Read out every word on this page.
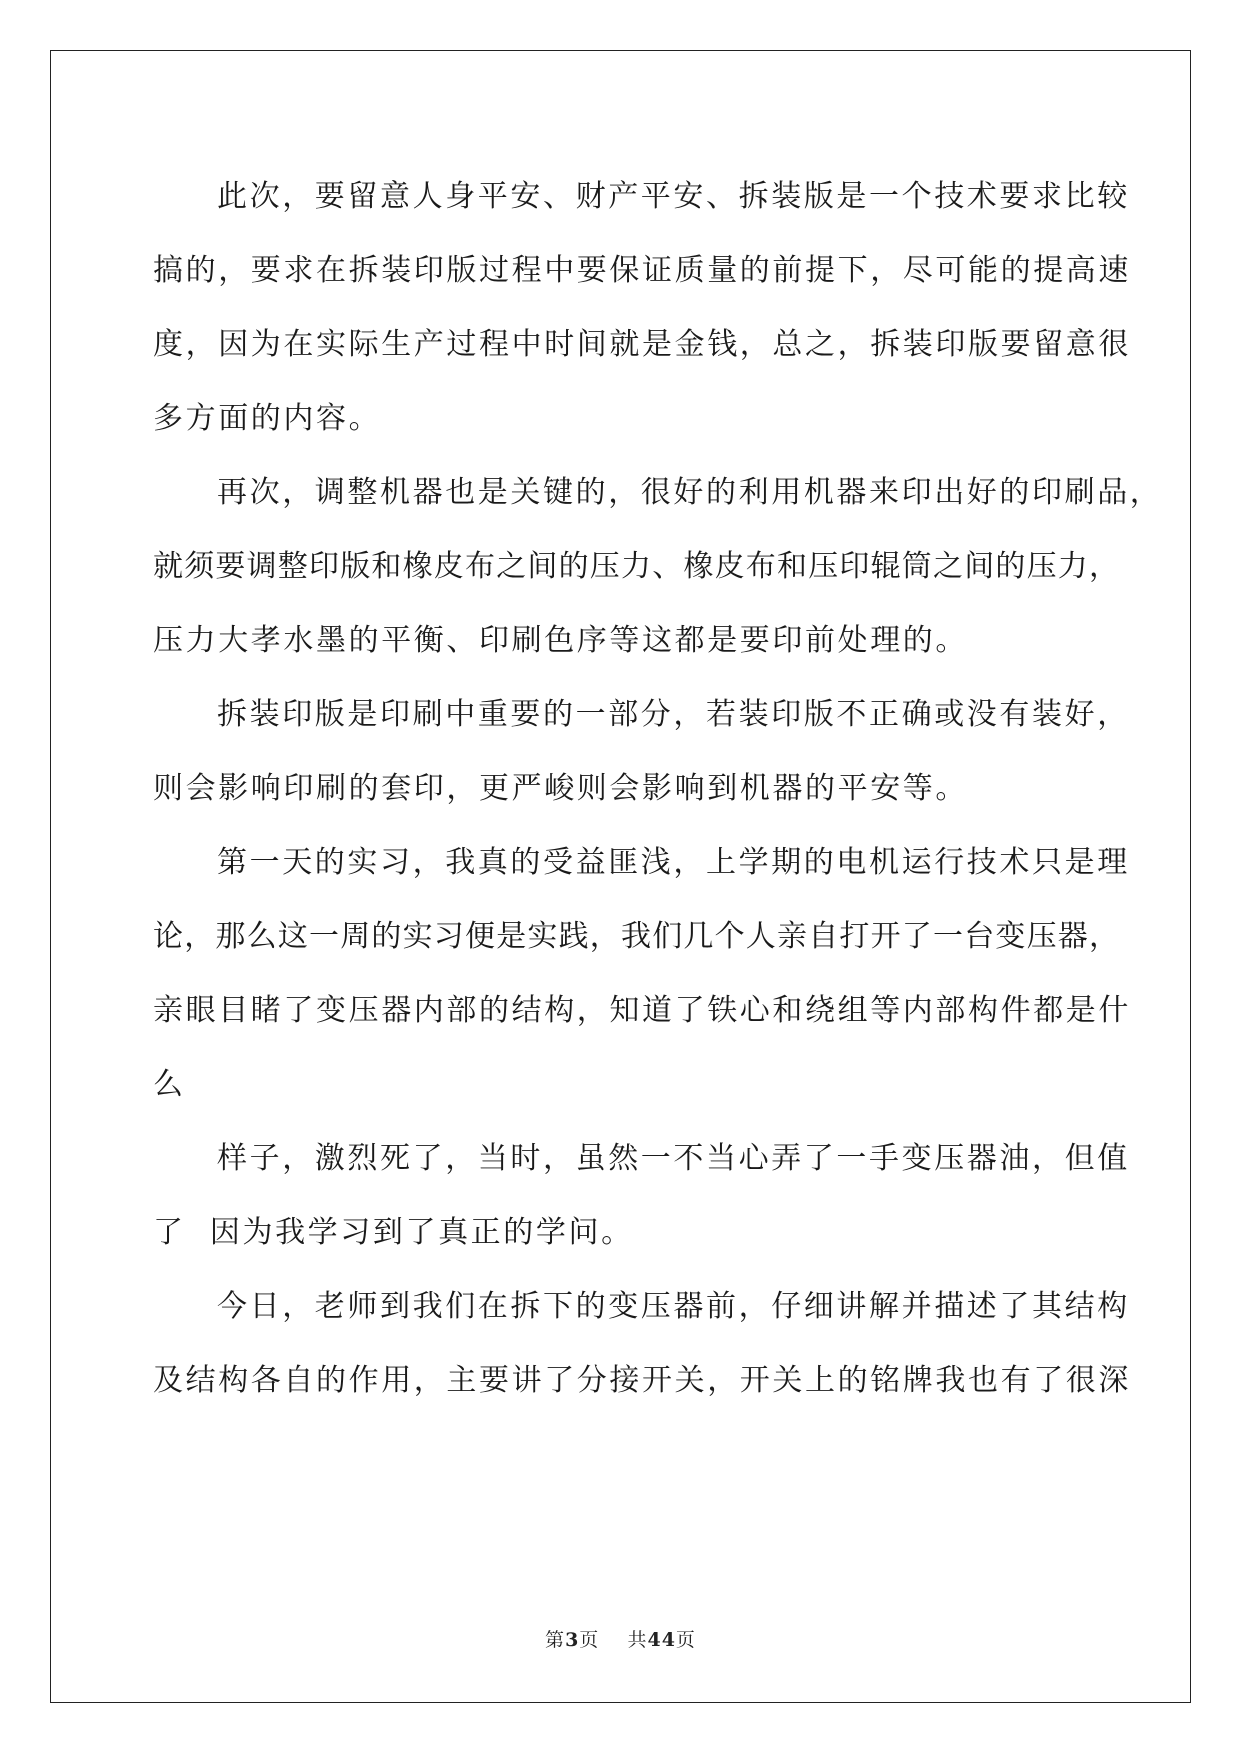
此次，要留意人身平安、财产平安、拆装版是一个技术要求比较
搞的，要求在拆装印版过程中要保证质量的前提下，尽可能的提高速
度，因为在实际生产过程中时间就是金钱，总之，拆装印版要留意很
多方面的内容。
再次，调整机器也是关键的，很好的利用机器来印出好的印刷品，
就须要调整印版和橡皮布之间的压力、橡皮布和压印辊筒之间的压力，
压力大孝水墨的平衡、印刷色序等这都是要印前处理的。
拆装印版是印刷中重要的一部分，若装印版不正确或没有装好，
则会影响印刷的套印，更严峻则会影响到机器的平安等。
第一天的实习，我真的受益匪浅，上学期的电机运行技术只是理
论，那么这一周的实习便是实践，我们几个人亲自打开了一台变压器，
亲眼目睹了变压器内部的结构，知道了铁心和绕组等内部构件都是什
么
样子，激烈死了，当时，虽然一不当心弄了一手变压器油，但值
了  因为我学习到了真正的学问。
今日，老师到我们在拆下的变压器前，仔细讲解并描述了其结构
及结构各自的作用，主要讲了分接开关，开关上的铭牌我也有了很深
第3页    共44页
